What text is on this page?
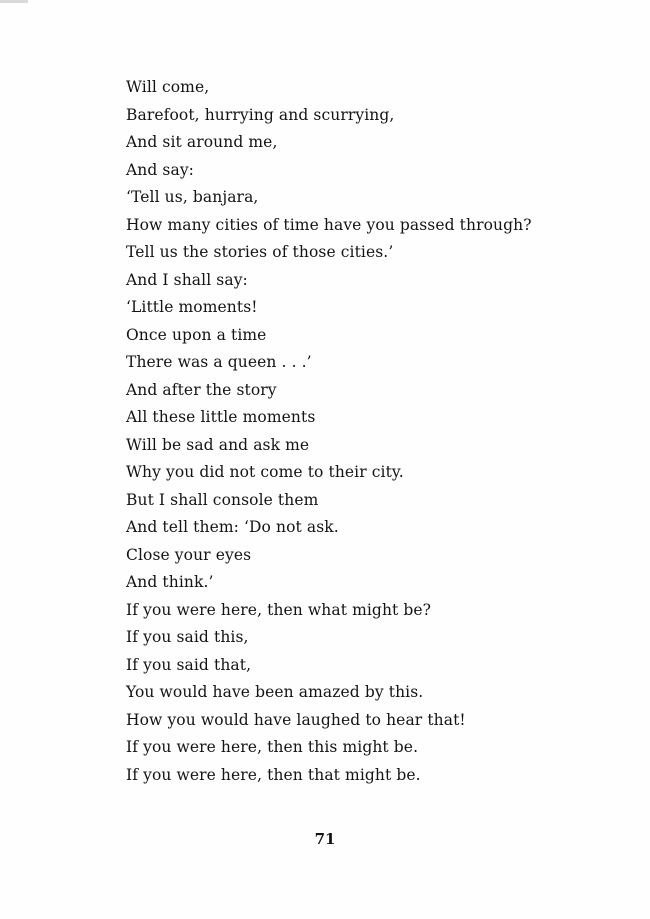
Will come,
Barefoot, hurrying and scurrying,
And sit around me,
And say:
‘Tell us, banjara,
How many cities of time have you passed through?
Tell us the stories of those cities.’
And I shall say:
‘Little moments!
Once upon a time
There was a queen . . .’
And after the story
All these little moments
Will be sad and ask me
Why you did not come to their city.
But I shall console them
And tell them: ‘Do not ask.
Close your eyes
And think.’
If you were here, then what might be?
If you said this,
If you said that,
You would have been amazed by this.
How you would have laughed to hear that!
If you were here, then this might be.
If you were here, then that might be.
71
